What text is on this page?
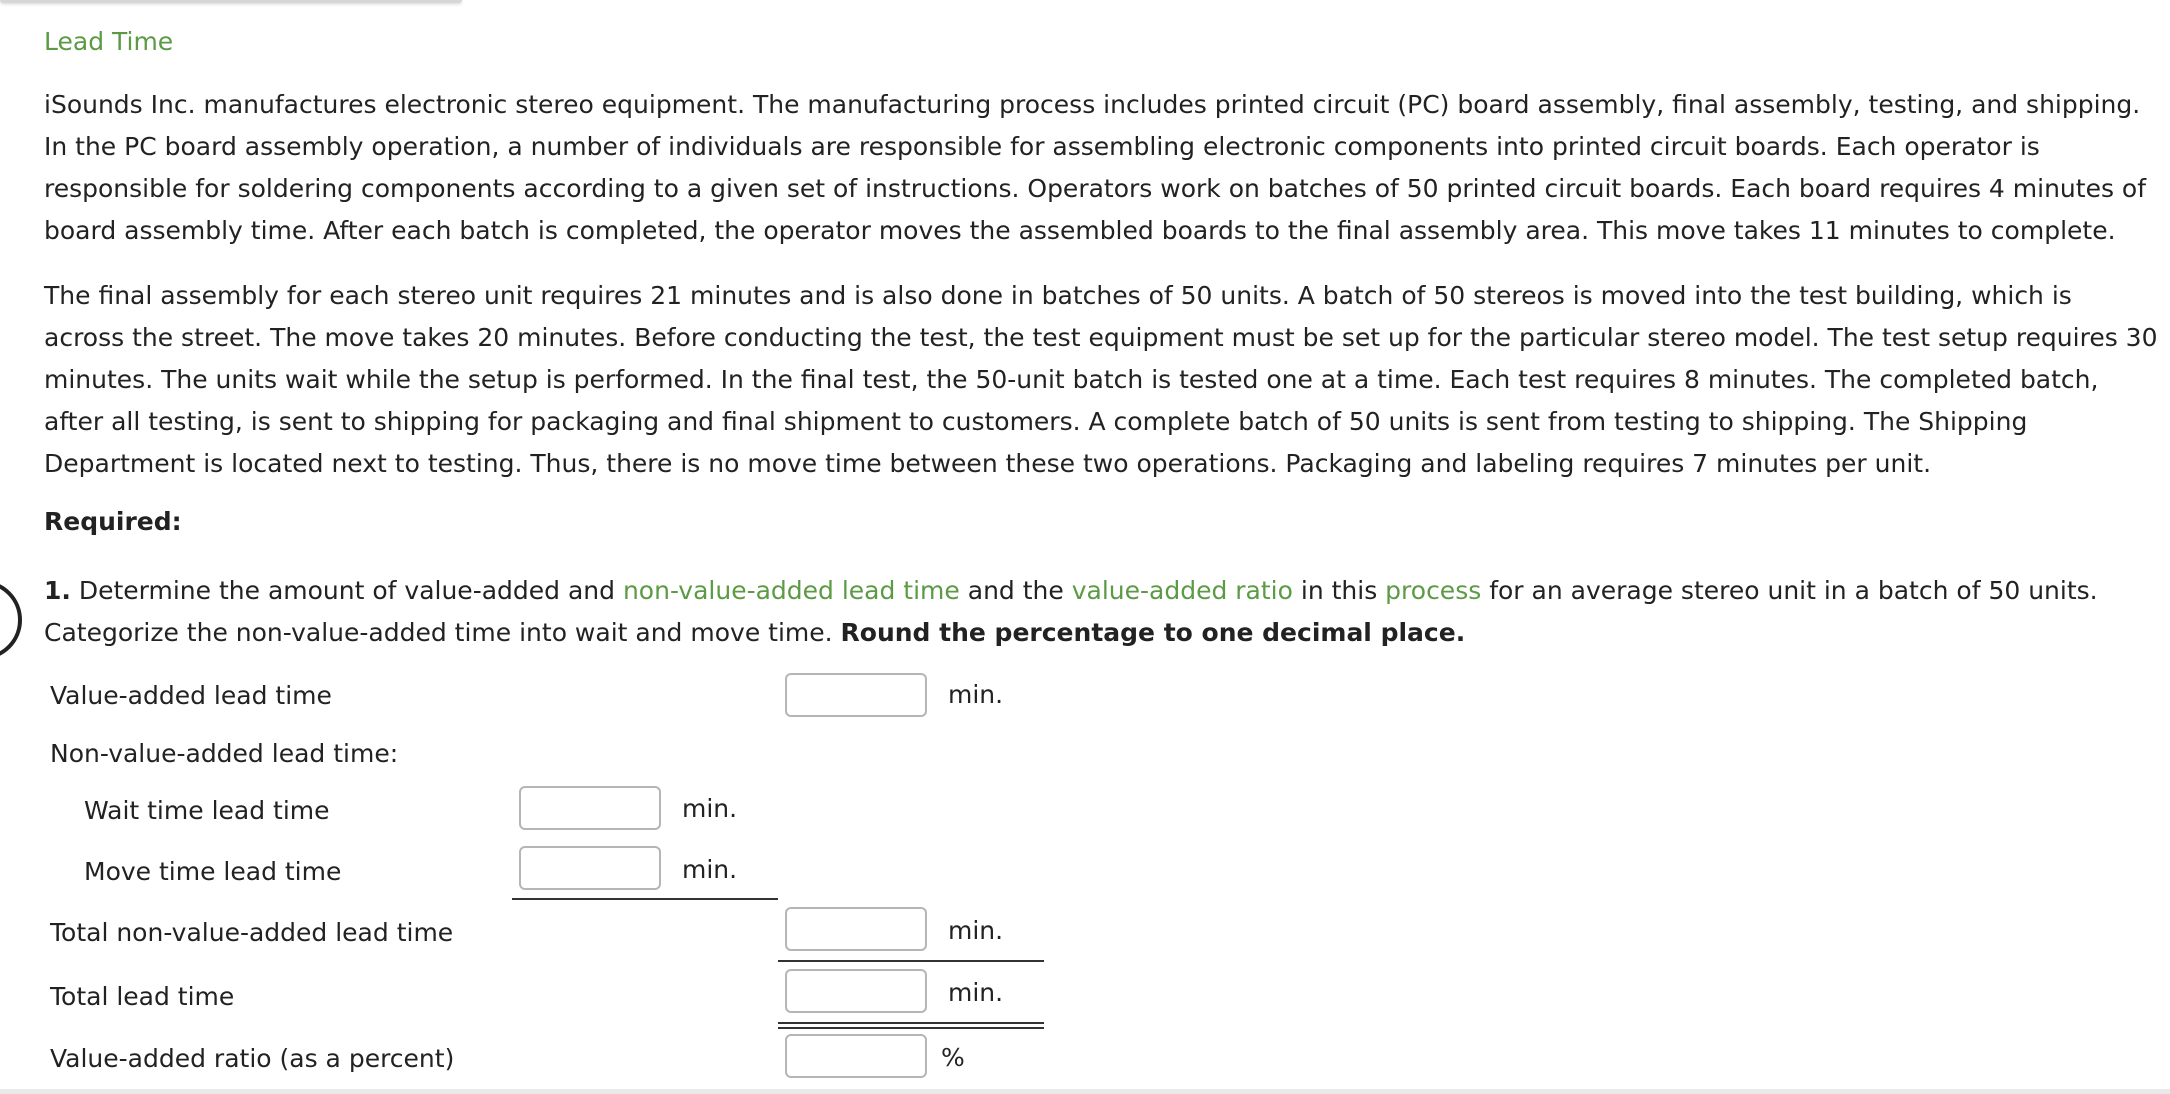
Lead Time

iSounds Inc. manufactures electronic stereo equipment. The manufacturing process includes printed circuit (PC) board assembly, final assembly, testing, and shipping. In the PC board assembly operation, a number of individuals are responsible for assembling electronic components into printed circuit boards. Each operator is responsible for soldering components according to a given set of instructions. Operators work on batches of 50 printed circuit boards. Each board requires 4 minutes of board assembly time. After each batch is completed, the operator moves the assembled boards to the final assembly area. This move takes 11 minutes to complete.

The final assembly for each stereo unit requires 21 minutes and is also done in batches of 50 units. A batch of 50 stereos is moved into the test building, which is across the street. The move takes 20 minutes. Before conducting the test, the test equipment must be set up for the particular stereo model. The test setup requires 30 minutes. The units wait while the setup is performed. In the final test, the 50-unit batch is tested one at a time. Each test requires 8 minutes. The completed batch, after all testing, is sent to shipping for packaging and final shipment to customers. A complete batch of 50 units is sent from testing to shipping. The Shipping Department is located next to testing. Thus, there is no move time between these two operations. Packaging and labeling requires 7 minutes per unit.

Required:

1. Determine the amount of value-added and non-value-added lead time and the value-added ratio in this process for an average stereo unit in a batch of 50 units. Categorize the non-value-added time into wait and move time. Round the percentage to one decimal place.

Value-added lead time	min.
Non-value-added lead time:
Wait time lead time	min.
Move time lead time	min.
Total non-value-added lead time	min.
Total lead time	min.
Value-added ratio (as a percent)	%
